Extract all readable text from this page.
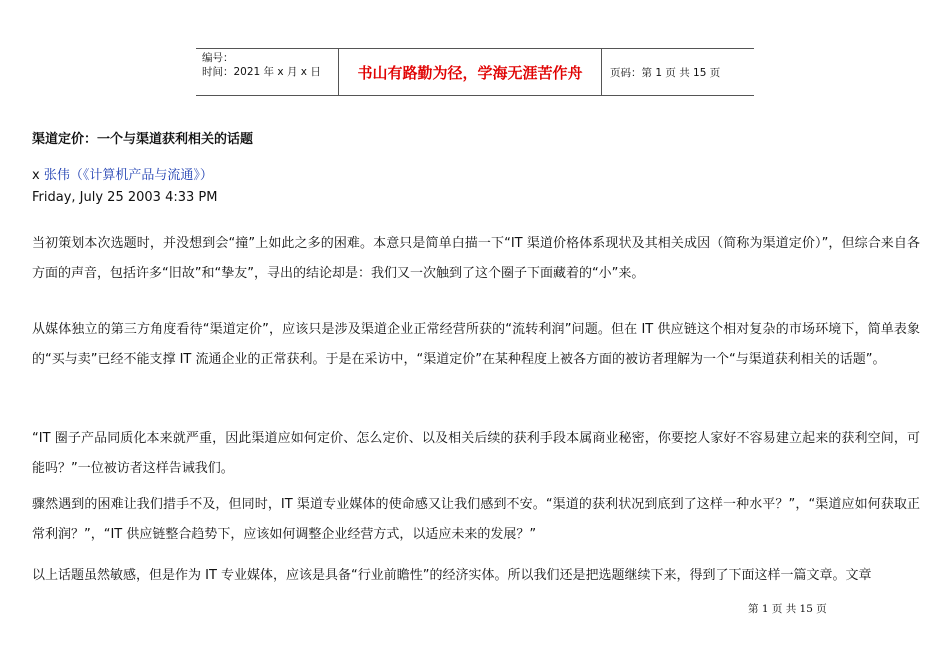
编号：
时间：2021 年 x 月 x 日	书山有路勤为径，学海无涯苦作舟	页码：第 1 页 共 15 页
渠道定价：一个与渠道获利相关的话题
x 张伟（《计算机产品与流通》）
Friday, July 25 2003 4:33 PM

当初策划本次选题时，并没想到会“撞”上如此之多的困难。本意只是简单白描一下“IT 渠道价格体系现状及其相关成因（简称为渠道定价）”，但综合来自各方面的声音，包括许多“旧故”和“挚友”，寻出的结论却是：我们又一次触到了这个圈子下面藏着的“小”来。

从媒体独立的第三方角度看待“渠道定价”，应该只是涉及渠道企业正常经营所获的“流转利润”问题。但在 IT 供应链这个相对复杂的市场环境下，简单表象的“买与卖”已经不能支撑 IT 流通企业的正常获利。于是在采访中，“渠道定价”在某种程度上被各方面的被访者理解为一个“与渠道获利相关的话题”。

“IT 圈子产品同质化本来就严重，因此渠道应如何定价、怎么定价、以及相关后续的获利手段本属商业秘密，你要挖人家好不容易建立起来的获利空间，可能吗？”一位被访者这样告诫我们。

骤然遇到的困难让我们措手不及，但同时，IT 渠道专业媒体的使命感又让我们感到不安。“渠道的获利状况到底到了这样一种水平？”，“渠道应如何获取正常利润？”，“IT 供应链整合趋势下，应该如何调整企业经营方式，以适应未来的发展？”

以上话题虽然敏感，但是作为 IT 专业媒体，应该是具备“行业前瞻性”的经济实体。所以我们还是把选题继续下来，得到了下面这样一篇文章。文章

第 1 页 共 15 页
